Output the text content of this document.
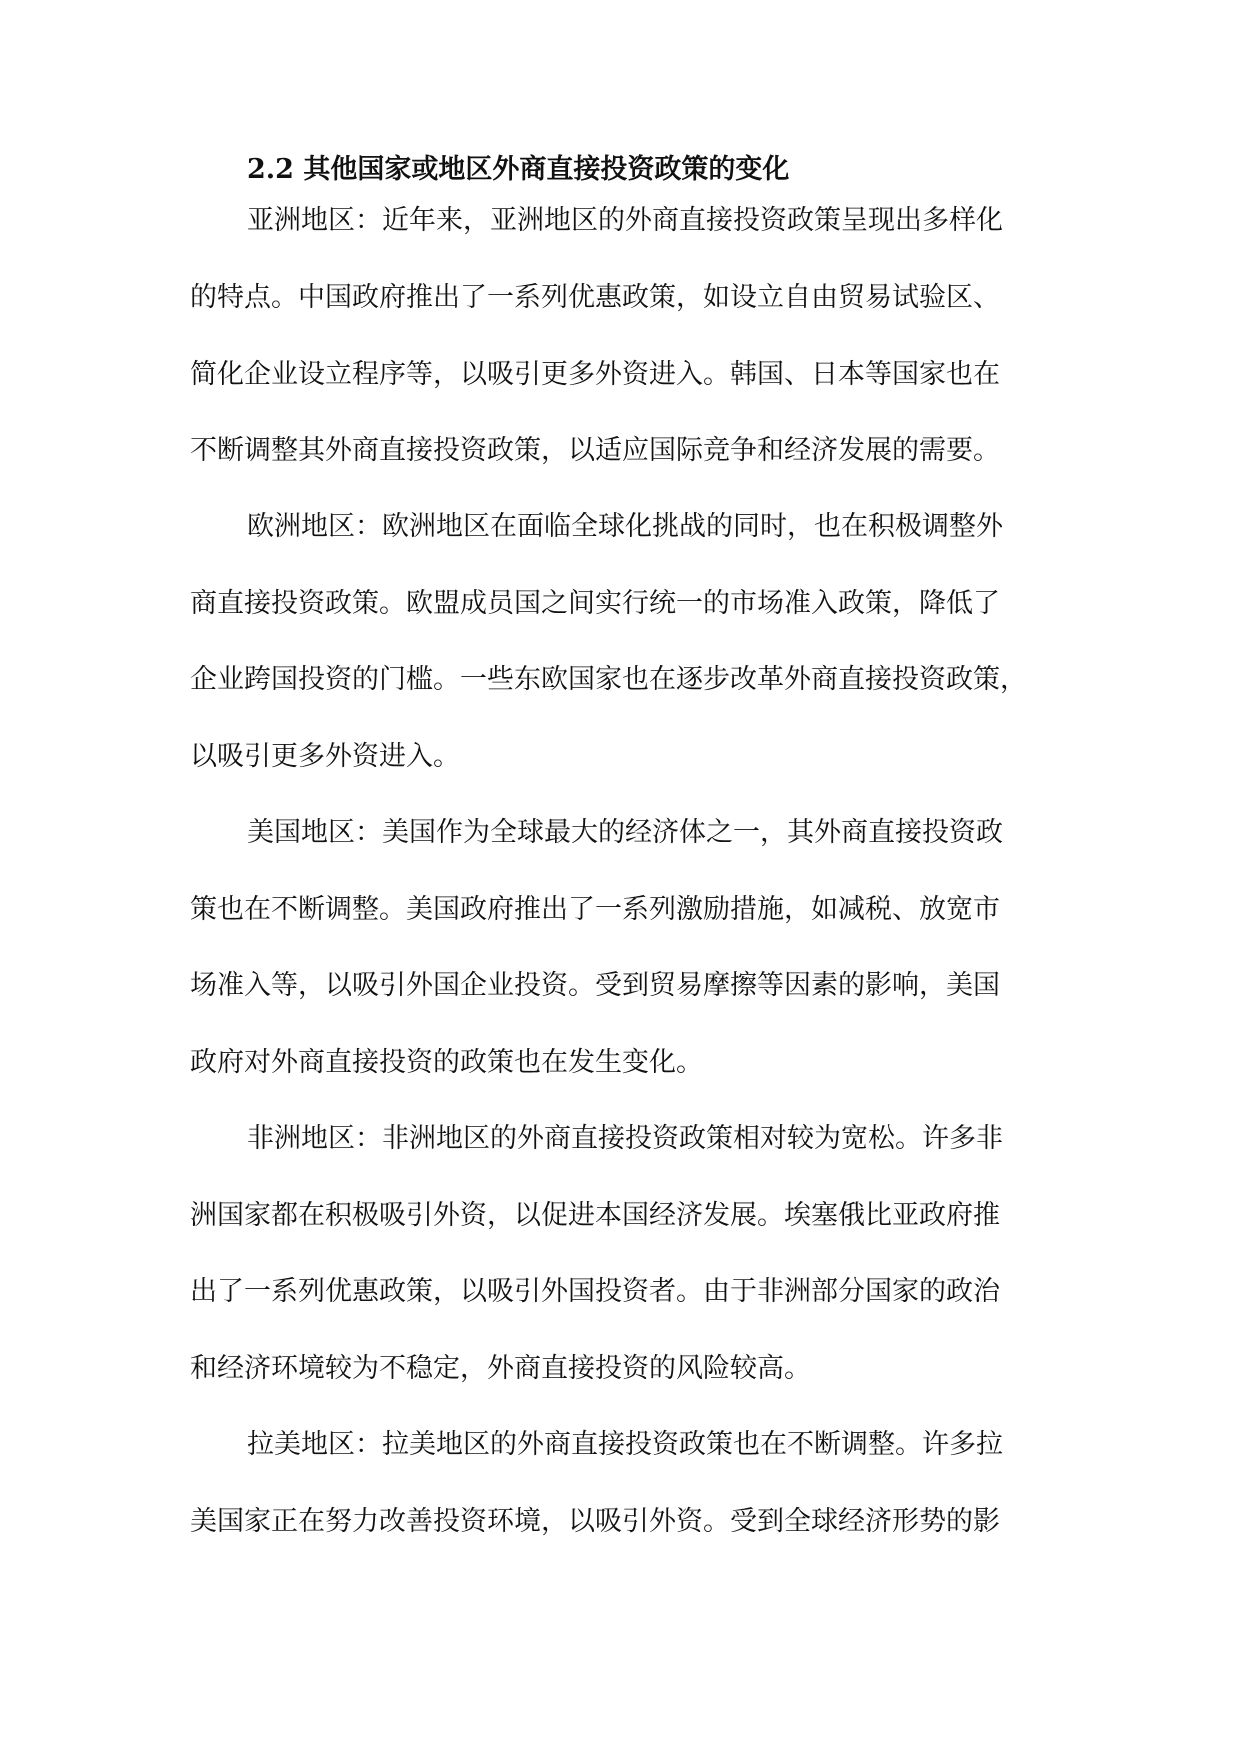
2.2 其他国家或地区外商直接投资政策的变化

亚洲地区：近年来，亚洲地区的外商直接投资政策呈现出多样化

的特点。中国政府推出了一系列优惠政策，如设立自由贸易试验区、

简化企业设立程序等，以吸引更多外资进入。韩国、日本等国家也在

不断调整其外商直接投资政策，以适应国际竞争和经济发展的需要。

欧洲地区：欧洲地区在面临全球化挑战的同时，也在积极调整外

商直接投资政策。欧盟成员国之间实行统一的市场准入政策，降低了

企业跨国投资的门槛。一些东欧国家也在逐步改革外商直接投资政策，

以吸引更多外资进入。

美国地区：美国作为全球最大的经济体之一，其外商直接投资政

策也在不断调整。美国政府推出了一系列激励措施，如减税、放宽市

场准入等，以吸引外国企业投资。受到贸易摩擦等因素的影响，美国

政府对外商直接投资的政策也在发生变化。

非洲地区：非洲地区的外商直接投资政策相对较为宽松。许多非

洲国家都在积极吸引外资，以促进本国经济发展。埃塞俄比亚政府推

出了一系列优惠政策，以吸引外国投资者。由于非洲部分国家的政治

和经济环境较为不稳定，外商直接投资的风险较高。

拉美地区：拉美地区的外商直接投资政策也在不断调整。许多拉

美国家正在努力改善投资环境，以吸引外资。受到全球经济形势的影
